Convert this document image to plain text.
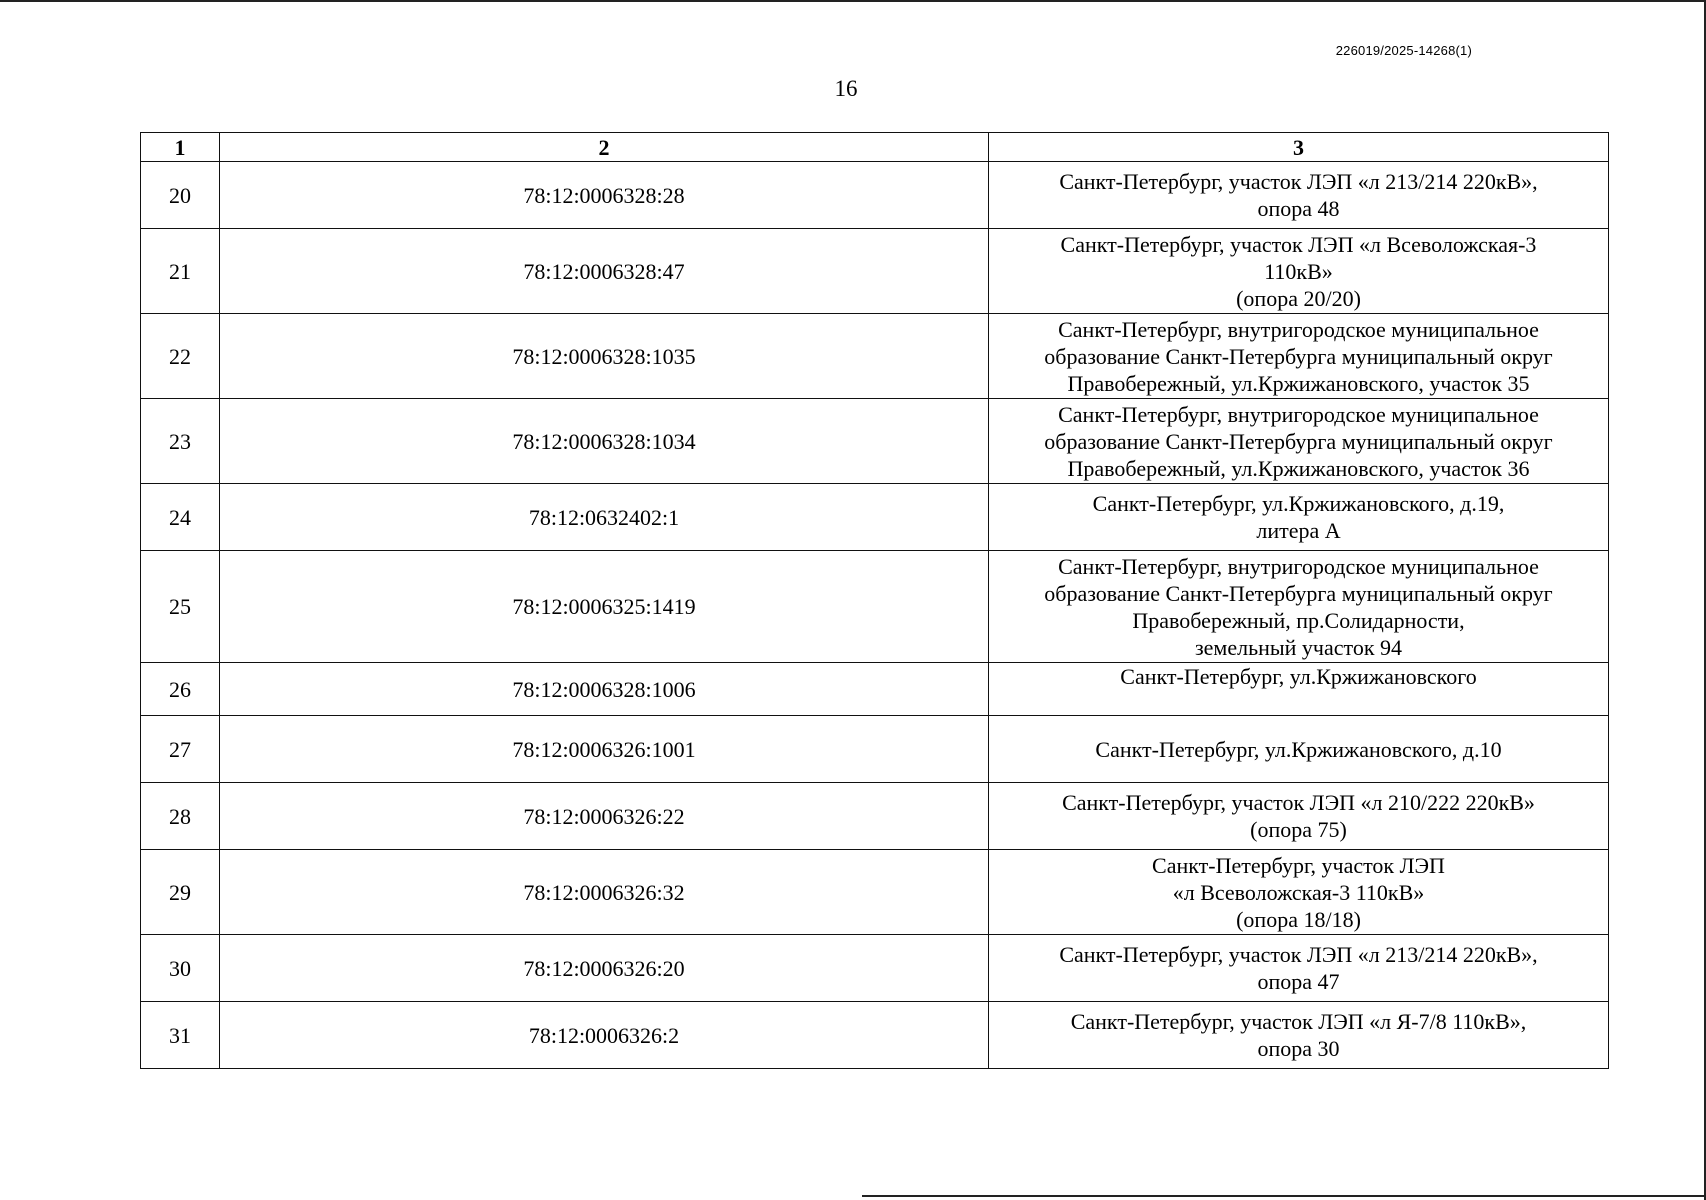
226019/2025-14268(1)
16
1	2	3
20	78:12:0006328:28	Санкт-Петербург, участок ЛЭП «л 213/214 220кВ»,
опора 48
21	78:12:0006328:47	Санкт-Петербург, участок ЛЭП «л Всеволожская-3
110кВ»
(опора 20/20)
22	78:12:0006328:1035	Санкт-Петербург, внутригородское муниципальное
образование Санкт-Петербурга муниципальный округ
Правобережный, ул.Кржижановского, участок 35
23	78:12:0006328:1034	Санкт-Петербург, внутригородское муниципальное
образование Санкт-Петербурга муниципальный округ
Правобережный, ул.Кржижановского, участок 36
24	78:12:0632402:1	Санкт-Петербург, ул.Кржижановского, д.19,
литера А
25	78:12:0006325:1419	Санкт-Петербург, внутригородское муниципальное
образование Санкт-Петербурга муниципальный округ
Правобережный, пр.Солидарности,
земельный участок 94
26	78:12:0006328:1006	Санкт-Петербург, ул.Кржижановского
27	78:12:0006326:1001	Санкт-Петербург, ул.Кржижановского, д.10
28	78:12:0006326:22	Санкт-Петербург, участок ЛЭП «л 210/222 220кВ»
(опора 75)
29	78:12:0006326:32	Санкт-Петербург, участок ЛЭП
«л Всеволожская-3 110кВ»
(опора 18/18)
30	78:12:0006326:20	Санкт-Петербург, участок ЛЭП «л 213/214 220кВ»,
опора 47
31	78:12:0006326:2	Санкт-Петербург, участок ЛЭП «л Я-7/8 110кВ»,
опора 30
